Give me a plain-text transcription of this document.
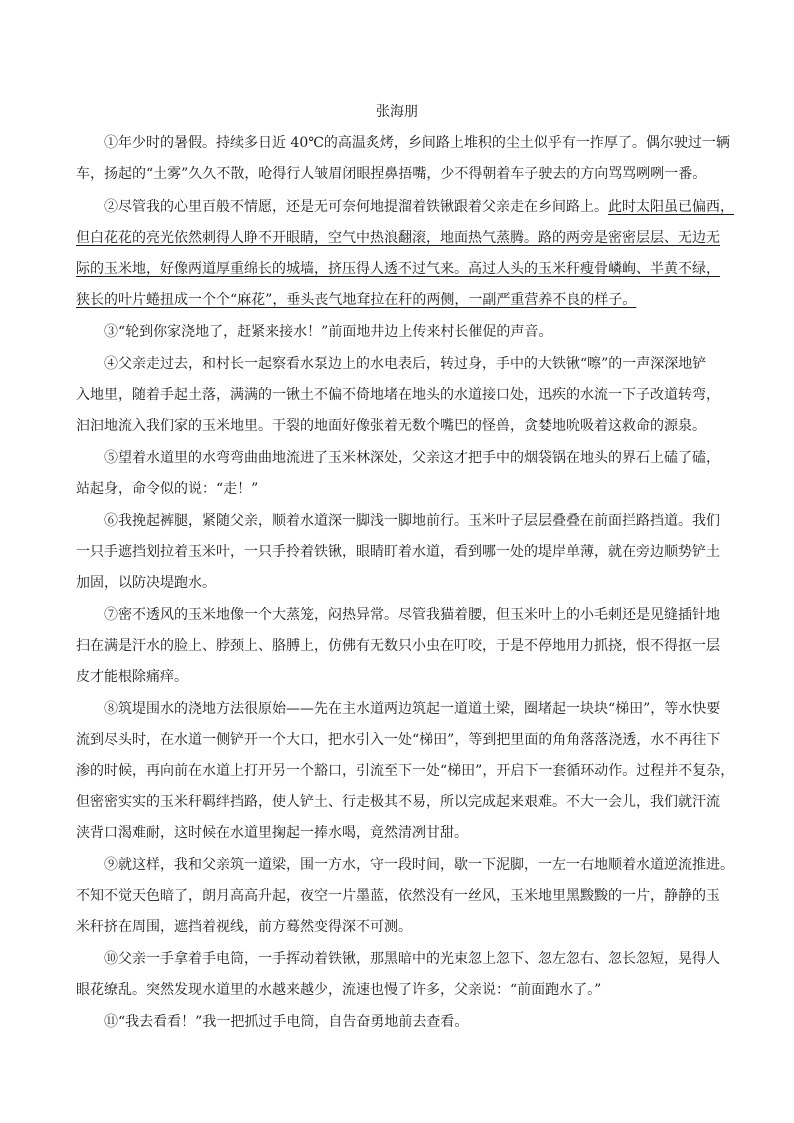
张海朋
①年少时的暑假。持续多日近 40℃的高温炙烤，乡间路上堆积的尘土似乎有一拃厚了。偶尔驶过一辆
车，扬起的“土雾”久久不散，呛得行人皱眉闭眼捏鼻捂嘴，少不得朝着车子驶去的方向骂骂咧咧一番。
②尽管我的心里百般不情愿，还是无可奈何地提溜着铁锹跟着父亲走在乡间路上。此时太阳虽已偏西，
但白花花的亮光依然刺得人睁不开眼睛，空气中热浪翻滚，地面热气蒸腾。路的两旁是密密层层、无边无
际的玉米地，好像两道厚重绵长的城墙，挤压得人透不过气来。高过人头的玉米秆瘦骨嶙峋、半黄不绿，
狭长的叶片蜷扭成一个个“麻花”，垂头丧气地耷拉在秆的两侧，一副严重营养不良的样子。
③“轮到你家浇地了，赶紧来接水！”前面地井边上传来村长催促的声音。
④父亲走过去，和村长一起察看水泵边上的水电表后，转过身，手中的大铁锹“嚓”的一声深深地铲
入地里，随着手起土落，满满的一锹土不偏不倚地堵在地头的水道接口处，迅疾的水流一下子改道转弯，
汩汩地流入我们家的玉米地里。干裂的地面好像张着无数个嘴巴的怪兽，贪婪地吮吸着这救命的源泉。
⑤望着水道里的水弯弯曲曲地流进了玉米林深处，父亲这才把手中的烟袋锅在地头的界石上磕了磕，
站起身，命令似的说：“走！”
⑥我挽起裤腿，紧随父亲，顺着水道深一脚浅一脚地前行。玉米叶子层层叠叠在前面拦路挡道。我们
一只手遮挡划拉着玉米叶，一只手拎着铁锹，眼睛盯着水道，看到哪一处的堤岸单薄，就在旁边顺势铲土
加固，以防决堤跑水。
⑦密不透风的玉米地像一个大蒸笼，闷热异常。尽管我猫着腰，但玉米叶上的小毛刺还是见缝插针地
扫在满是汗水的脸上、脖颈上、胳膊上，仿佛有无数只小虫在叮咬，于是不停地用力抓挠，恨不得抠一层
皮才能根除痛痒。
⑧筑堤围水的浇地方法很原始——先在主水道两边筑起一道道土梁，圈堵起一块块“梯田”，等水快要
流到尽头时，在水道一侧铲开一个大口，把水引入一处“梯田”，等到把里面的角角落落浇透，水不再往下
渗的时候，再向前在水道上打开另一个豁口，引流至下一处“梯田”，开启下一套循环动作。过程并不复杂，
但密密实实的玉米秆羁绊挡路，使人铲土、行走极其不易，所以完成起来艰难。不大一会儿，我们就汗流
浃背口渴难耐，这时候在水道里掬起一捧水喝，竟然清冽甘甜。
⑨就这样，我和父亲筑一道梁，围一方水，守一段时间，歇一下泥脚，一左一右地顺着水道逆流推进。
不知不觉天色暗了，朗月高高升起，夜空一片墨蓝，依然没有一丝风，玉米地里黑黢黢的一片，静静的玉
米秆挤在周围，遮挡着视线，前方蓦然变得深不可测。
⑩父亲一手拿着手电筒，一手挥动着铁锹，那黑暗中的光束忽上忽下、忽左忽右、忽长忽短，晃得人
眼花缭乱。突然发现水道里的水越来越少，流速也慢了许多，父亲说：“前面跑水了。”
⑪“我去看看！”我一把抓过手电筒，自告奋勇地前去查看。
